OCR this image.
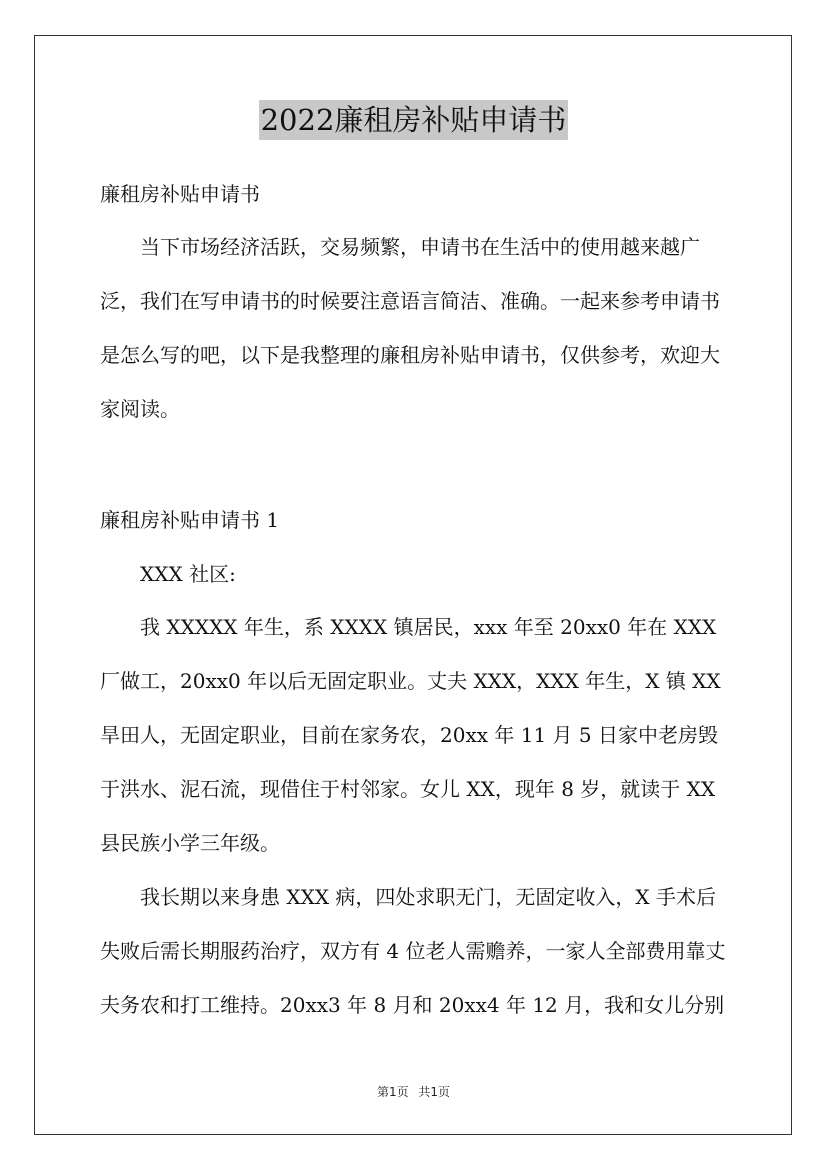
2022廉租房补贴申请书

廉租房补贴申请书

当下市场经济活跃，交易频繁，申请书在生活中的使用越来越广泛，我们在写申请书的时候要注意语言简洁、准确。一起来参考申请书是怎么写的吧，以下是我整理的廉租房补贴申请书，仅供参考，欢迎大家阅读。

廉租房补贴申请书 1

XXX 社区:

我 XXXXX 年生，系 XXXX 镇居民，xxx 年至 20xx0 年在 XXX 厂做工，20xx0 年以后无固定职业。丈夫 XXX，XXX 年生，X 镇 XX 旱田人，无固定职业，目前在家务农，20xx 年 11 月 5 日家中老房毁于洪水、泥石流，现借住于村邻家。女儿 XX，现年 8 岁，就读于 XX 县民族小学三年级。

我长期以来身患 XXX 病，四处求职无门，无固定收入，X 手术后失败后需长期服药治疗，双方有 4 位老人需赡养，一家人全部费用靠丈夫务农和打工维持。20xx3 年 8 月和 20xx4 年 12 月，我和女儿分别

第1页 共1页
